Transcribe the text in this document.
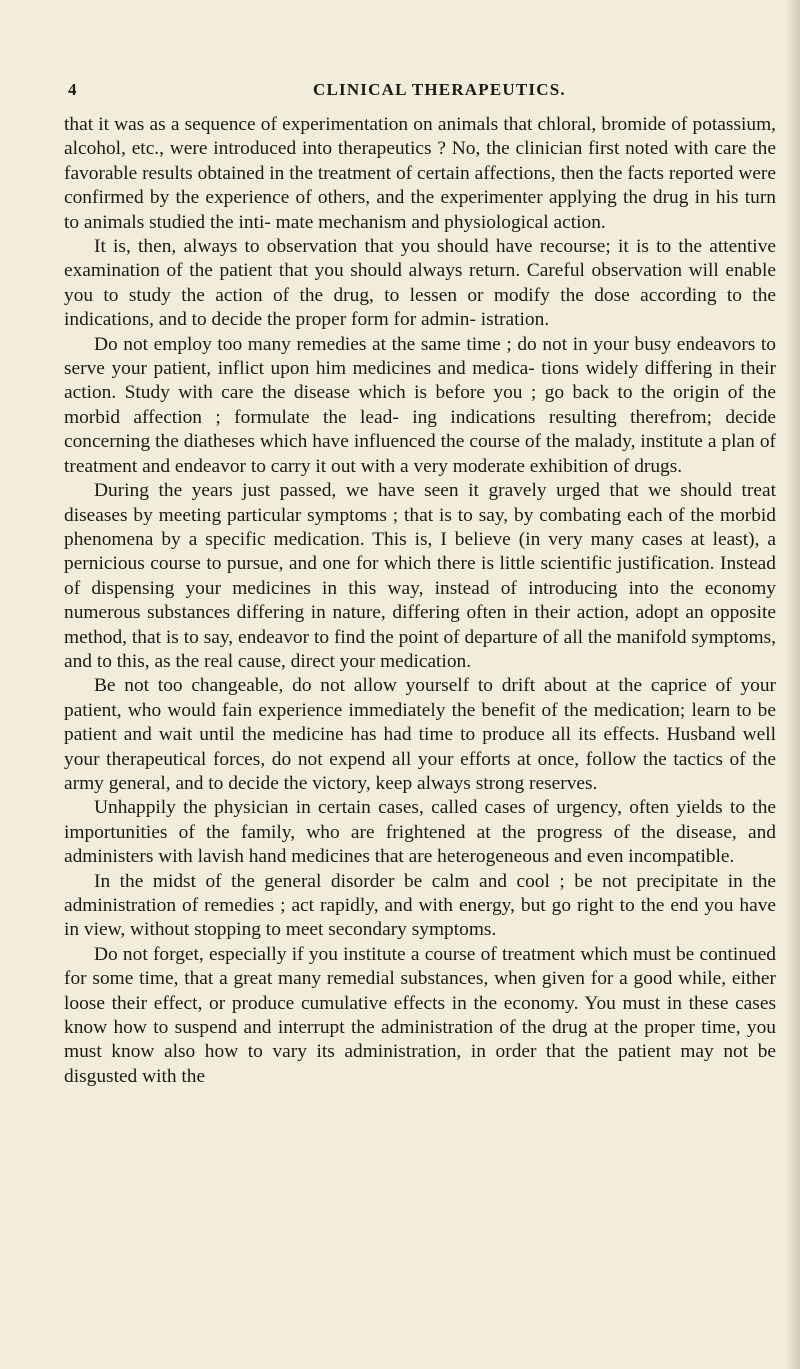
4	CLINICAL THERAPEUTICS.

that it was as a sequence of experimentation on animals that chloral, bromide of potassium, alcohol, etc., were introduced into therapeutics ? No, the clinician first noted with care the favorable results obtained in the treatment of certain affections, then the facts reported were confirmed by the experience of others, and the experimenter applying the drug in his turn to animals studied the inti- mate mechanism and physiological action.

It is, then, always to observation that you should have recourse; it is to the attentive examination of the patient that you should always return. Careful observation will enable you to study the action of the drug, to lessen or modify the dose according to the indications, and to decide the proper form for admin- istration.

Do not employ too many remedies at the same time ; do not in your busy endeavors to serve your patient, inflict upon him medicines and medica- tions widely differing in their action. Study with care the disease which is before you ; go back to the origin of the morbid affection ; formulate the lead- ing indications resulting therefrom; decide concerning the diatheses which have influenced the course of the malady, institute a plan of treatment and endeavor to carry it out with a very moderate exhibition of drugs.

During the years just passed, we have seen it gravely urged that we should treat diseases by meeting particular symptoms ; that is to say, by combating each of the morbid phenomena by a specific medication. This is, I believe (in very many cases at least), a pernicious course to pursue, and one for which there is little scientific justification. Instead of dispensing your medicines in this way, instead of introducing into the economy numerous substances differing in nature, differing often in their action, adopt an opposite method, that is to say, endeavor to find the point of departure of all the manifold symptoms, and to this, as the real cause, direct your medication.

Be not too changeable, do not allow yourself to drift about at the caprice of your patient, who would fain experience immediately the benefit of the medication; learn to be patient and wait until the medicine has had time to produce all its effects. Husband well your therapeutical forces, do not expend all your efforts at once, follow the tactics of the army general, and to decide the victory, keep always strong reserves.

Unhappily the physician in certain cases, called cases of urgency, often yields to the importunities of the family, who are frightened at the progress of the disease, and administers with lavish hand medicines that are heterogeneous and even incompatible.

In the midst of the general disorder be calm and cool ; be not precipitate in the administration of remedies ; act rapidly, and with energy, but go right to the end you have in view, without stopping to meet secondary symptoms.

Do not forget, especially if you institute a course of treatment which must be continued for some time, that a great many remedial substances, when given for a good while, either loose their effect, or produce cumulative effects in the economy. You must in these cases know how to suspend and interrupt the administration of the drug at the proper time, you must know also how to vary its administration, in order that the patient may not be disgusted with the
